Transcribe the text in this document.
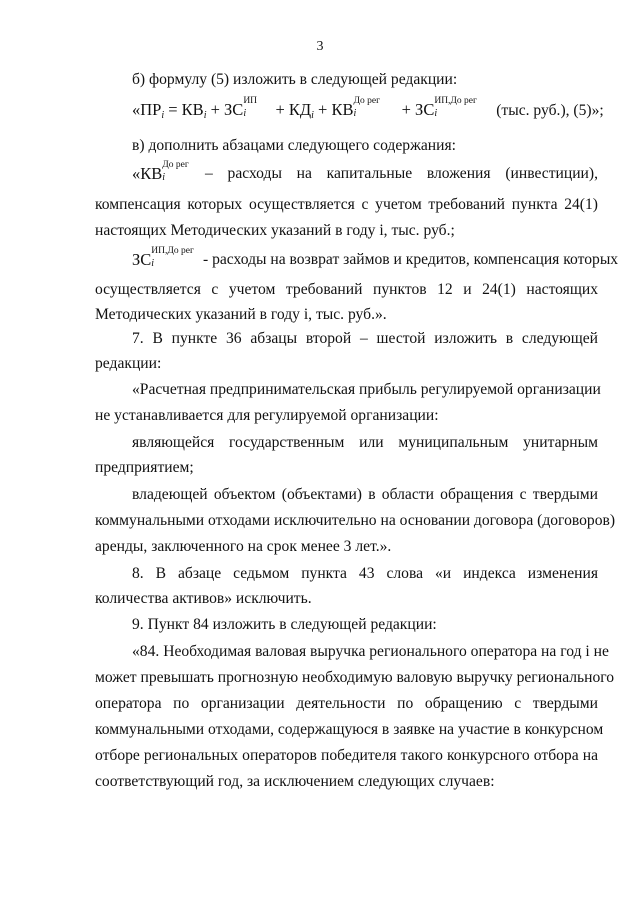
3
б) формулу (5) изложить в следующей редакции:
«ПРi = КВi + ЗС ИП
i + КДi + КВ До рег
i + ЗС ИП,До рег
i	(тыс. руб.), (5)»;
в) дополнить абзацами следующего содержания:
«КВ До рег
i	– расходы на капитальные вложения (инвестиции),
компенсация которых осуществляется с учетом требований пункта 24(1)
настоящих Методических указаний в году i, тыс. руб.;
ЗС ИП,До рег
i	- расходы на возврат займов и кредитов, компенсация которых
осуществляется с учетом требований пунктов 12 и 24(1) настоящих
Методических указаний в году i, тыс. руб.».
7. В пункте 36 абзацы второй – шестой изложить в следующей
редакции:
«Расчетная предпринимательская прибыль регулируемой организации
не устанавливается для регулируемой организации:
являющейся государственным или муниципальным унитарным
предприятием;
владеющей объектом (объектами) в области обращения с твердыми
коммунальными отходами исключительно на основании договора (договоров)
аренды, заключенного на срок менее 3 лет.».
8. В абзаце седьмом пункта 43 слова «и индекса изменения
количества активов» исключить.
9. Пункт 84 изложить в следующей редакции:
«84. Необходимая валовая выручка регионального оператора на год i не
может превышать прогнозную необходимую валовую выручку регионального
оператора по организации деятельности по обращению с твердыми
коммунальными отходами, содержащуюся в заявке на участие в конкурсном
отборе региональных операторов победителя такого конкурсного отбора на
соответствующий год, за исключением следующих случаев:
